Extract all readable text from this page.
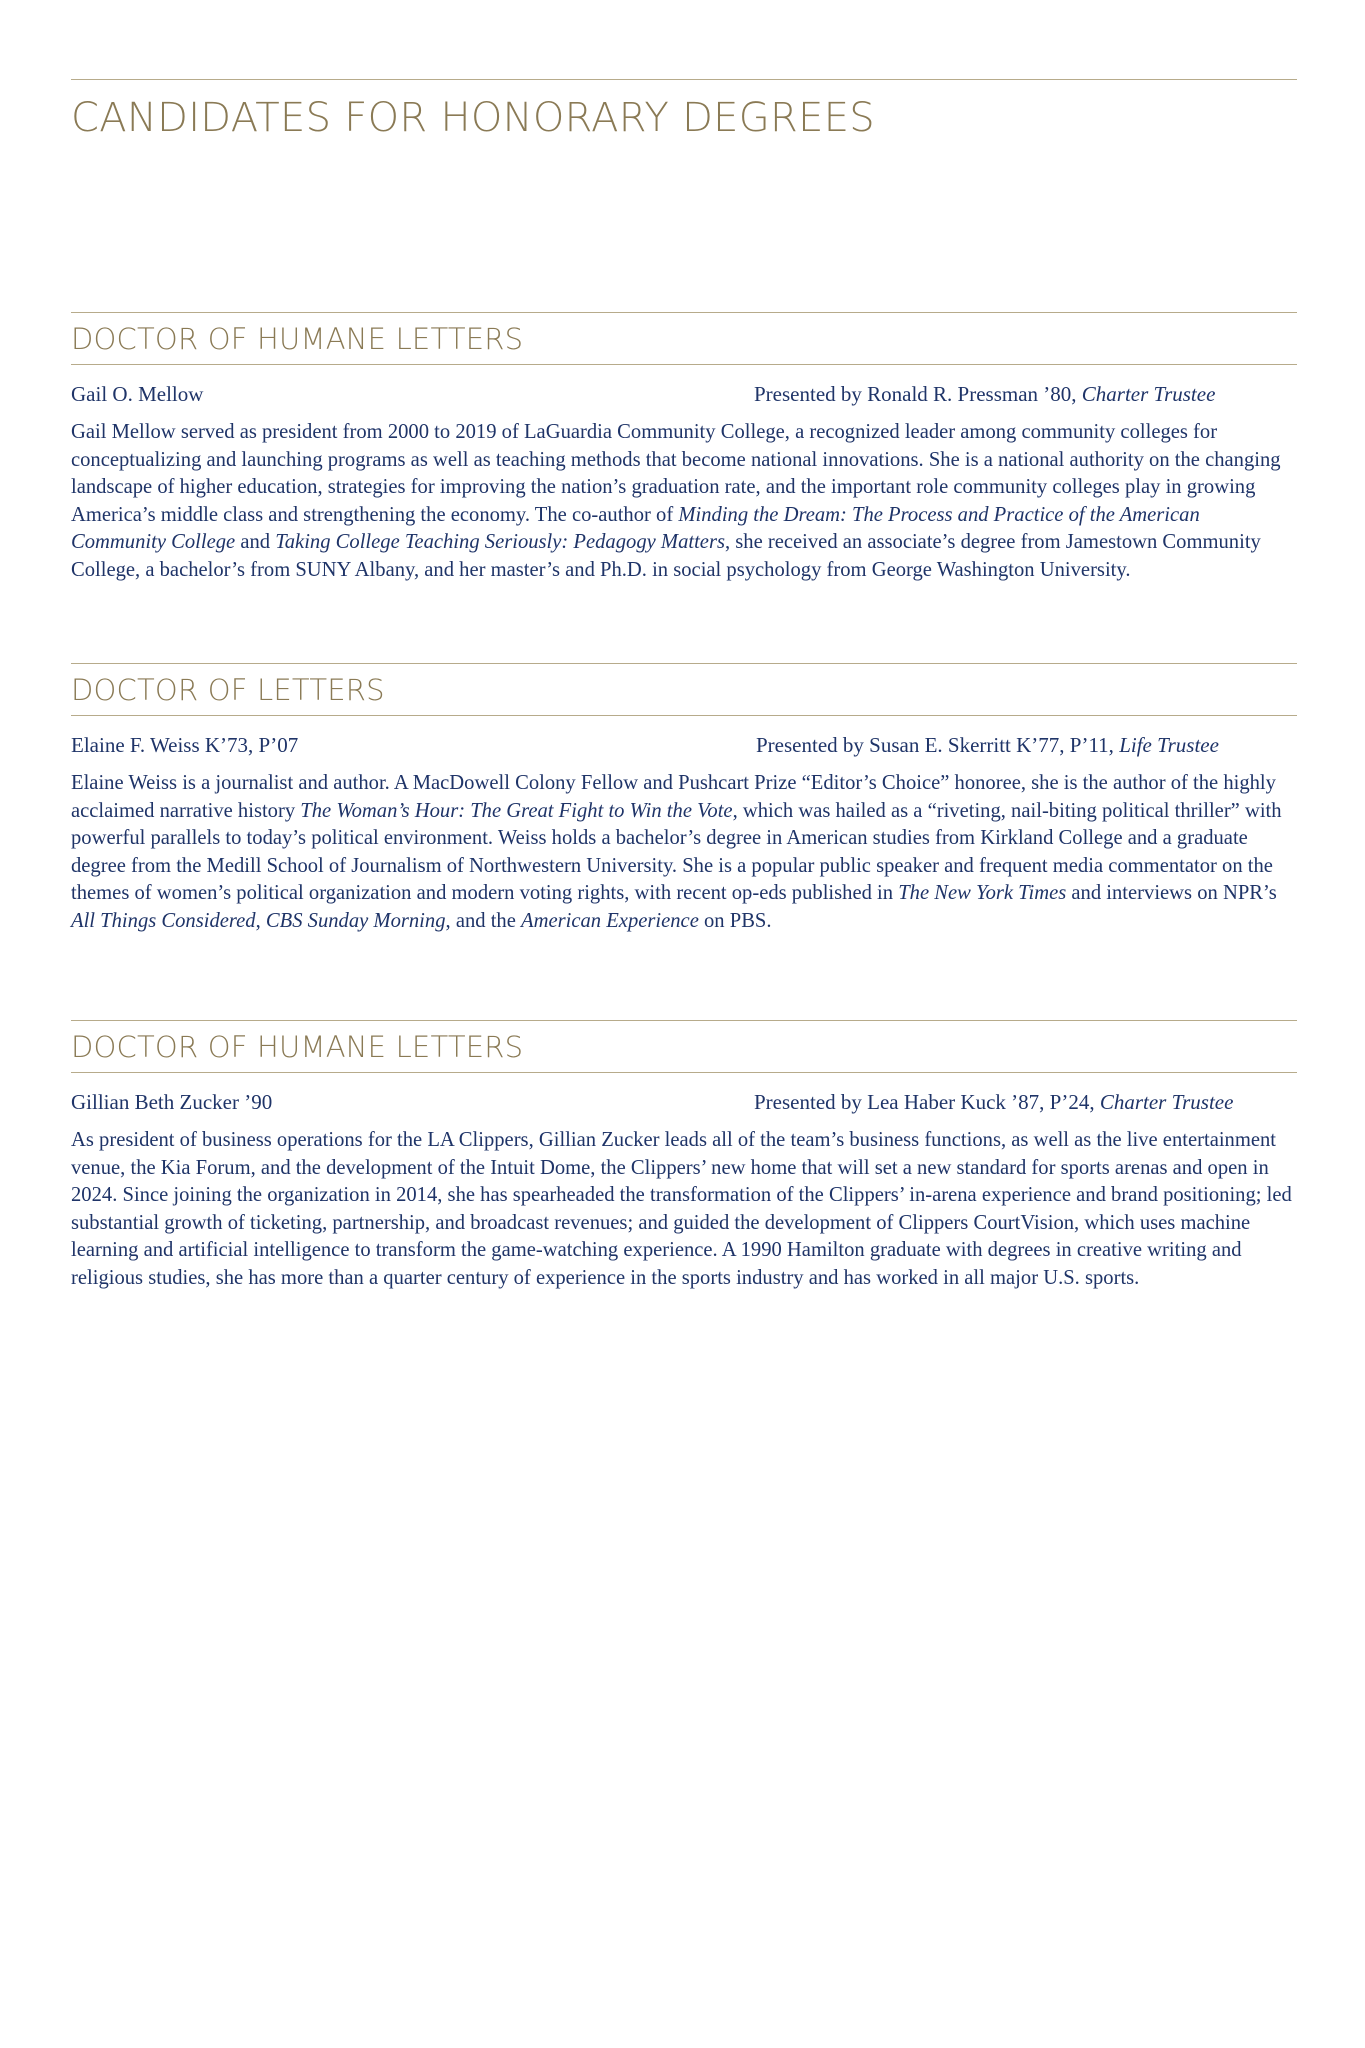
CANDIDATES FOR HONORARY DEGREES
DOCTOR OF HUMANE LETTERS
Gail O. Mellow	Presented by Ronald R. Pressman ’80, Charter Trustee

Gail Mellow served as president from 2000 to 2019 of LaGuardia Community College, a recognized leader among community colleges for conceptualizing and launching programs as well as teaching methods that become national innovations. She is a national authority on the changing landscape of higher education, strategies for improving the nation’s graduation rate, and the important role community colleges play in growing America’s middle class and strengthening the economy. The co-author of Minding the Dream: The Process and Practice of the American Community College and Taking College Teaching Seriously: Pedagogy Matters, she received an associate’s degree from Jamestown Community College, a bachelor’s from SUNY Albany, and her master’s and Ph.D. in social psychology from George Washington University.

DOCTOR OF LETTERS
Elaine F. Weiss K’73, P’07	Presented by Susan E. Skerritt K’77, P’11, Life Trustee

Elaine Weiss is a journalist and author. A MacDowell Colony Fellow and Pushcart Prize “Editor’s Choice” honoree, she is the author of the highly acclaimed narrative history The Woman’s Hour: The Great Fight to Win the Vote, which was hailed as a “riveting, nail-biting political thriller” with powerful parallels to today’s political environment. Weiss holds a bachelor’s degree in American studies from Kirkland College and a graduate degree from the Medill School of Journalism of Northwestern University. She is a popular public speaker and frequent media commentator on the themes of women’s political organization and modern voting rights, with recent op-eds published in The New York Times and interviews on NPR’s All Things Considered, CBS Sunday Morning, and the American Experience on PBS.

DOCTOR OF HUMANE LETTERS
Gillian Beth Zucker ’90	Presented by Lea Haber Kuck ’87, P’24, Charter Trustee

As president of business operations for the LA Clippers, Gillian Zucker leads all of the team’s business functions, as well as the live entertainment venue, the Kia Forum, and the development of the Intuit Dome, the Clippers’ new home that will set a new standard for sports arenas and open in 2024. Since joining the organization in 2014, she has spearheaded the transformation of the Clippers’ in-arena experience and brand positioning; led substantial growth of ticketing, partnership, and broadcast revenues; and guided the development of Clippers CourtVision, which uses machine learning and artificial intelligence to transform the game-watching experience. A 1990 Hamilton graduate with degrees in creative writing and religious studies, she has more than a quarter century of experience in the sports industry and has worked in all major U.S. sports.
